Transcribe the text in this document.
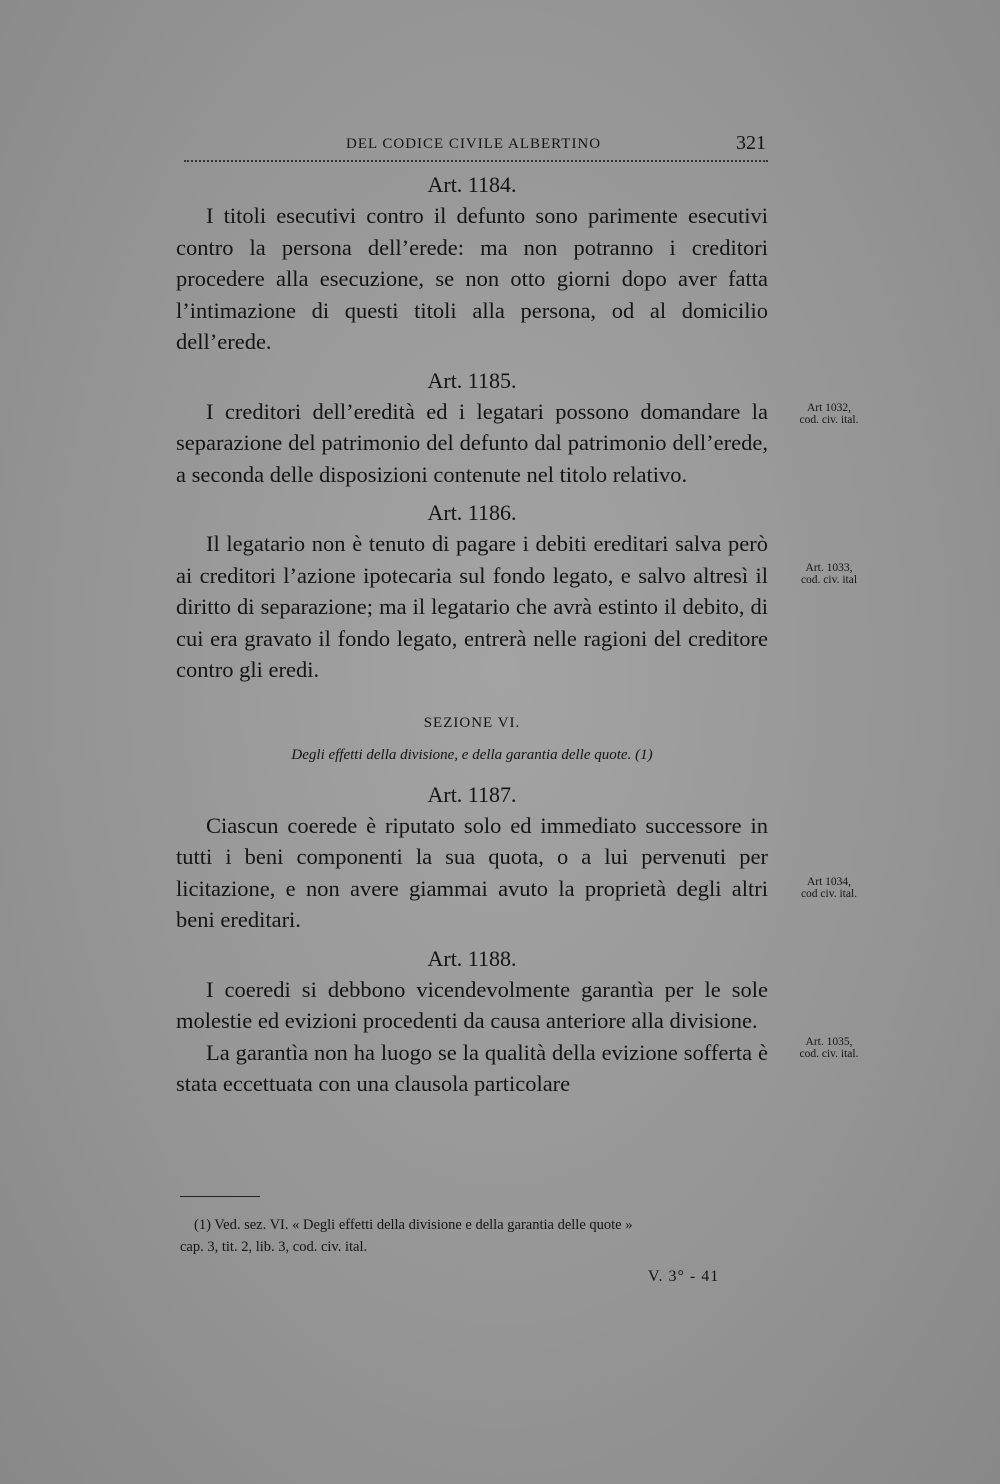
DEL CODICE CIVILE ALBERTINO	321

Art. 1184.

I titoli esecutivi contro il defunto sono parimente esecutivi contro la persona dell’erede: ma non potranno i creditori procedere alla esecuzione, se non otto giorni dopo aver fatta l’intimazione di questi titoli alla persona, od al domicilio dell’erede.

Art. 1185.

I creditori dell’eredità ed i legatari possono domandare la separazione del patrimonio del defunto dal patrimonio dell’erede, a seconda delle disposizioni contenute nel titolo relativo.

Art. 1186.

Il legatario non è tenuto di pagare i debiti ereditari salva però ai creditori l’azione ipotecaria sul fondo legato, e salvo altresì il diritto di separazione; ma il legatario che avrà estinto il debito, di cui era gravato il fondo legato, entrerà nelle ragioni del creditore contro gli eredi.

SEZIONE VI.
Degli effetti della divisione, e della garantia delle quote. (1)

Art. 1187.

Ciascun coerede è riputato solo ed immediato successore in tutti i beni componenti la sua quota, o a lui pervenuti per licitazione, e non avere giammai avuto la proprietà degli altri beni ereditari.

Art. 1188.

I coeredi si debbono vicendevolmente garantìa per le sole molestie ed evizioni procedenti da causa anteriore alla divisione.

La garantìa non ha luogo se la qualità della evizione sofferta è stata eccettuata con una clausola particolare

Art 1032,
cod. civ. ital.
Art. 1033,
cod. civ. ital
Art 1034,
cod civ. ital.
Art. 1035,
cod. civ. ital.
(1) Ved. sez. VI. « Degli effetti della divisione e della garantia delle quote »
cap. 3, tit. 2, lib. 3, cod. civ. ital.
V. 3° - 41
